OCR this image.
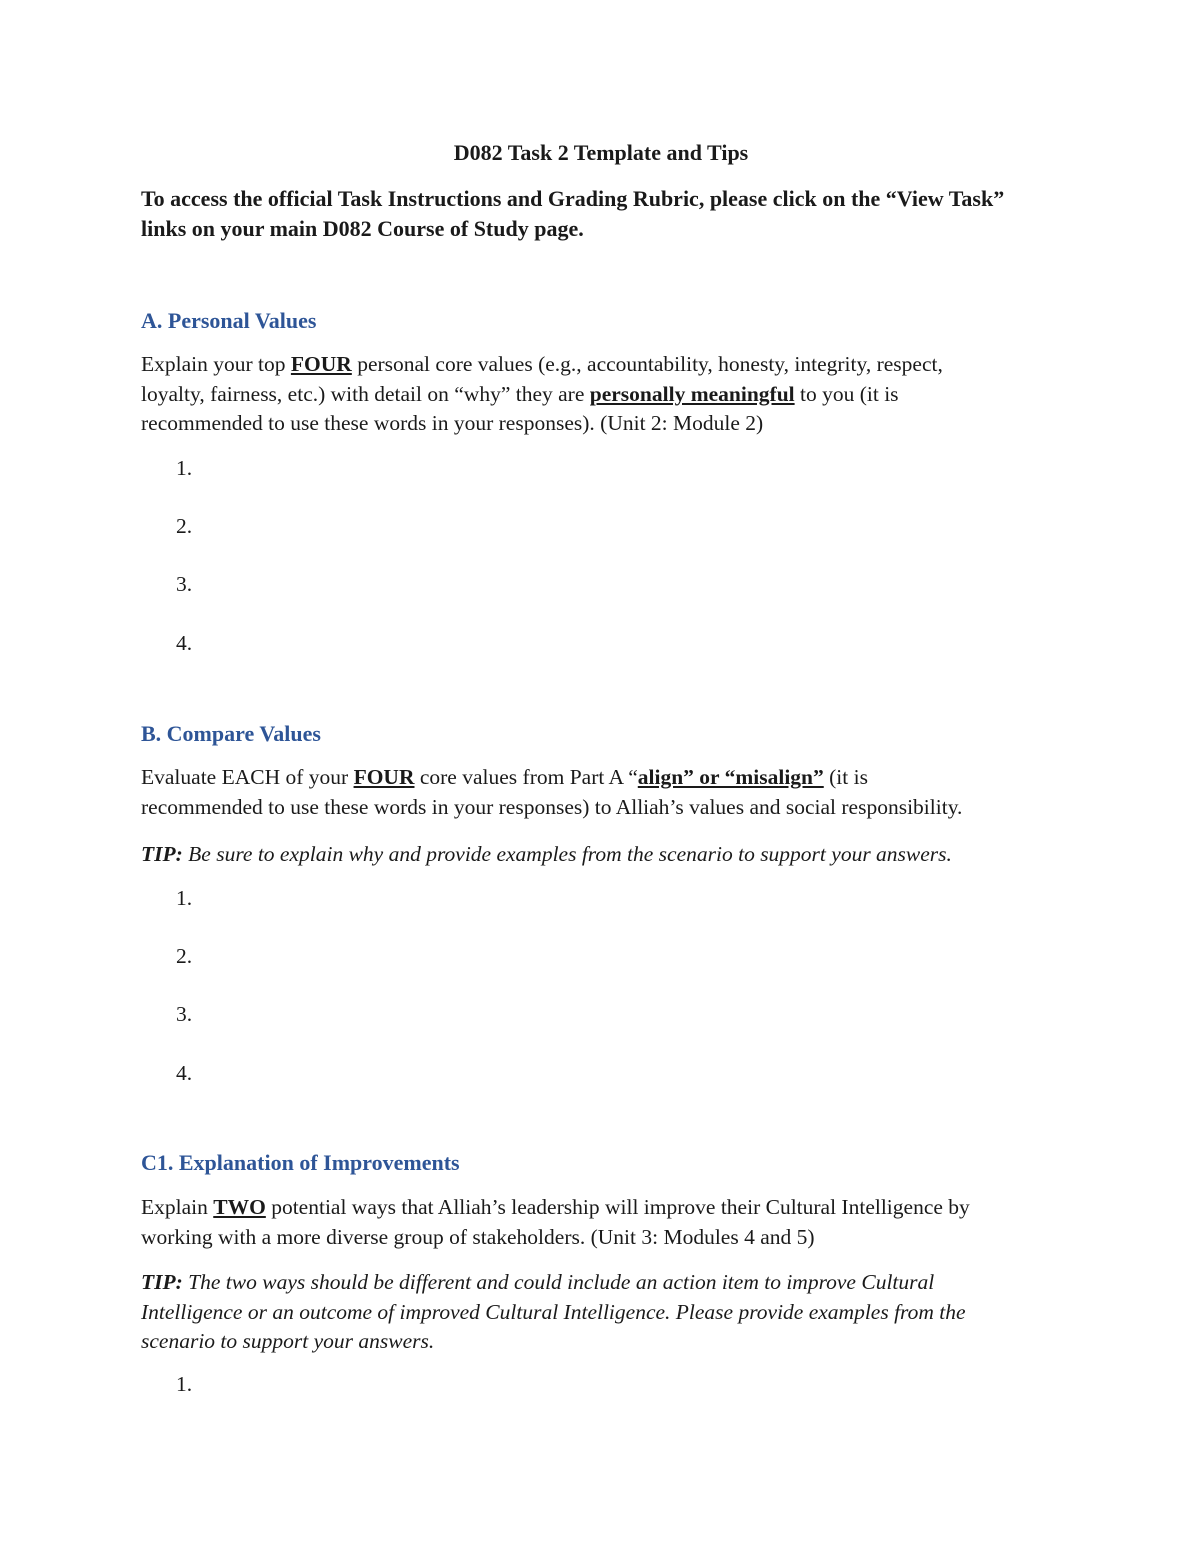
D082 Task 2 Template and Tips

To access the official Task Instructions and Grading Rubric, please click on the “View Task” links on your main D082 Course of Study page.

A. Personal Values

Explain your top FOUR personal core values (e.g., accountability, honesty, integrity, respect,
loyalty, fairness, etc.) with detail on “why” they are personally meaningful to you (it is
recommended to use these words in your responses). (Unit 2: Module 2)

1.

2.

3.

4.

B. Compare Values

Evaluate EACH of your FOUR core values from Part A “align” or “misalign” (it is
recommended to use these words in your responses) to Alliah’s values and social responsibility.

TIP: Be sure to explain why and provide examples from the scenario to support your answers.

1.

2.

3.

4.

C1. Explanation of Improvements

Explain TWO potential ways that Alliah’s leadership will improve their Cultural Intelligence by
working with a more diverse group of stakeholders. (Unit 3: Modules 4 and 5)

TIP: The two ways should be different and could include an action item to improve Cultural
Intelligence or an outcome of improved Cultural Intelligence. Please provide examples from the
scenario to support your answers.

1.
